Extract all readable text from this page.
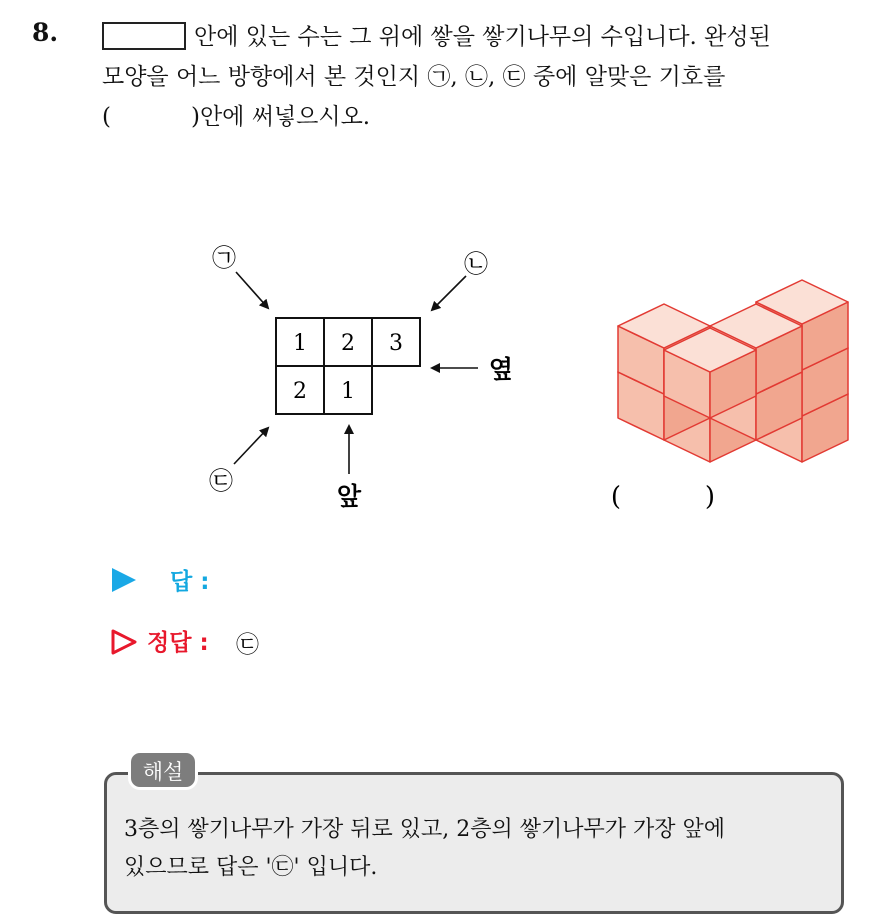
8.	안에 있는 수는 그 위에 쌓을 쌓기나무의 수입니다. 완성된
모양을 어느 방향에서 본 것인지 ㉠, ㉡, ㉢ 중에 알맞은 기호를
(	)안에 써넣으시오.
1 2 3
2 1
㉠	㉡
㉢
앞
옆
(	)
답 :
정답 : ㉢
해설
3층의 쌓기나무가 가장 뒤로 있고, 2층의 쌓기나무가 가장 앞에
있으므로 답은 '㉢' 입니다.
